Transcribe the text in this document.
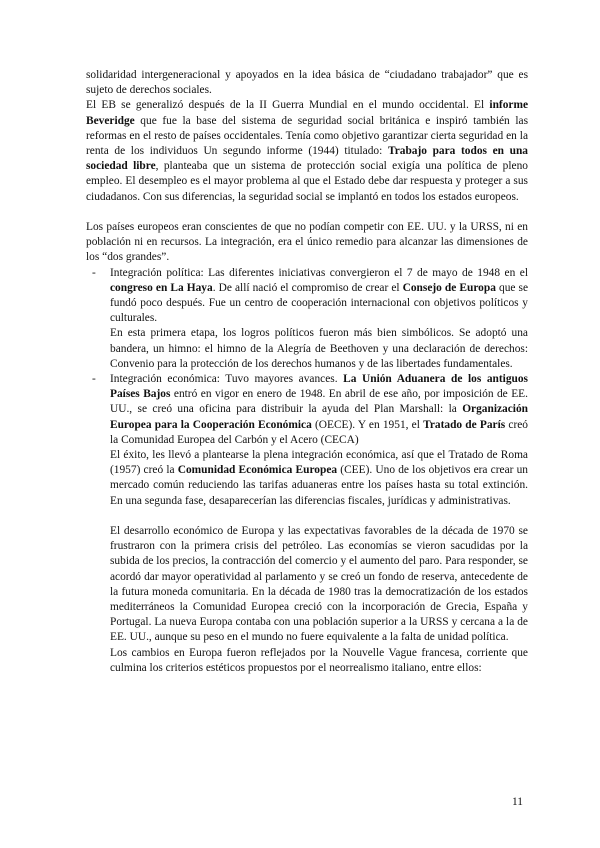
solidaridad intergeneracional y apoyados en la idea básica de “ciudadano trabajador” que es sujeto de derechos sociales.

El EB se generalizó después de la II Guerra Mundial en el mundo occidental. El informe Beveridge que fue la base del sistema de seguridad social británica e inspiró también las reformas en el resto de países occidentales. Tenía como objetivo garantizar cierta seguridad en la renta de los individuos Un segundo informe (1944) titulado: Trabajo para todos en una sociedad libre, planteaba que un sistema de protección social exigía una política de pleno empleo. El desempleo es el mayor problema al que el Estado debe dar respuesta y proteger a sus ciudadanos. Con sus diferencias, la seguridad social se implantó en todos los estados europeos.

Los países europeos eran conscientes de que no podían competir con EE. UU. y la URSS, ni en población ni en recursos. La integración, era el único remedio para alcanzar las dimensiones de los “dos grandes”.

- Integración política: Las diferentes iniciativas convergieron el 7 de mayo de 1948 en el congreso en La Haya. De allí nació el compromiso de crear el Consejo de Europa que se fundó poco después. Fue un centro de cooperación internacional con objetivos políticos y culturales.

En esta primera etapa, los logros políticos fueron más bien simbólicos. Se adoptó una bandera, un himno: el himno de la Alegría de Beethoven y una declaración de derechos: Convenio para la protección de los derechos humanos y de las libertades fundamentales.

- Integración económica: Tuvo mayores avances. La Unión Aduanera de los antiguos Países Bajos entró en vigor en enero de 1948. En abril de ese año, por imposición de EE. UU., se creó una oficina para distribuir la ayuda del Plan Marshall: la Organización Europea para la Cooperación Económica (OECE). Y en 1951, el Tratado de París creó la Comunidad Europea del Carbón y el Acero (CECA)

El éxito, les llevó a plantearse la plena integración económica, así que el Tratado de Roma (1957) creó la Comunidad Económica Europea (CEE). Uno de los objetivos era crear un mercado común reduciendo las tarifas aduaneras entre los países hasta su total extinción. En una segunda fase, desaparecerían las diferencias fiscales, jurídicas y administrativas.

El desarrollo económico de Europa y las expectativas favorables de la década de 1970 se frustraron con la primera crisis del petróleo. Las economías se vieron sacudidas por la subida de los precios, la contracción del comercio y el aumento del paro. Para responder, se acordó dar mayor operatividad al parlamento y se creó un fondo de reserva, antecedente de la futura moneda comunitaria. En la década de 1980 tras la democratización de los estados mediterráneos la Comunidad Europea creció con la incorporación de Grecia, España y Portugal. La nueva Europa contaba con una población superior a la URSS y cercana a la de EE. UU., aunque su peso en el mundo no fuere equivalente a la falta de unidad política.

Los cambios en Europa fueron reflejados por la Nouvelle Vague francesa, corriente que culmina los criterios estéticos propuestos por el neorrealismo italiano, entre ellos:

11
